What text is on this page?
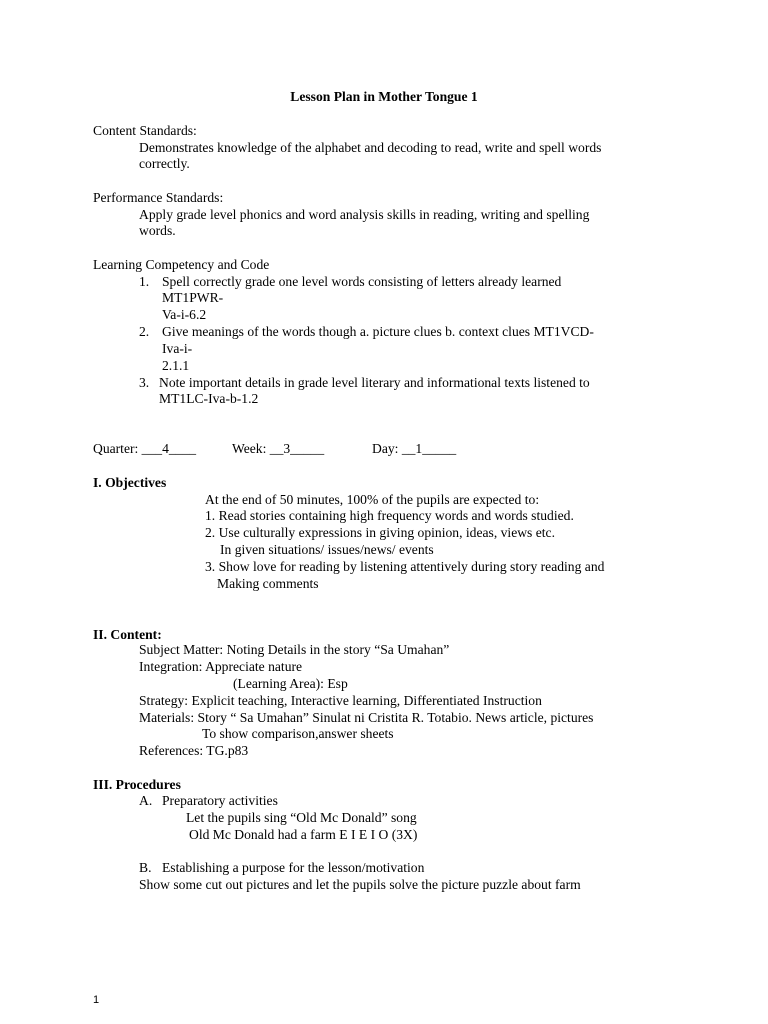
Lesson Plan in Mother Tongue 1
Content Standards:
Demonstrates knowledge of the alphabet and decoding to read, write and spell words
correctly.
Performance Standards:
Apply grade level phonics and word analysis skills in reading, writing and spelling
words.
Learning Competency and Code
1. Spell correctly grade one level words consisting of letters already learned
MT1PWR-
Va-i-6.2
2. Give meanings of the words though a. picture clues b. context clues MT1VCD-
Iva-i-
2.1.1
3. Note important details in grade level literary and informational texts listened to
MT1LC-Iva-b-1.2
Quarter: ___4____	Week: __3_____	Day: __1_____
I. Objectives
At the end of 50 minutes, 100% of the pupils are expected to:
1. Read stories containing high frequency words and words studied.
2. Use culturally expressions in giving opinion, ideas, views etc.
In given situations/ issues/news/ events
3. Show love for reading by listening attentively during story reading and
Making comments
II. Content:
Subject Matter: Noting Details in the story “Sa Umahan”
Integration: Appreciate nature
(Learning Area): Esp
Strategy: Explicit teaching, Interactive learning, Differentiated Instruction
Materials: Story “ Sa Umahan” Sinulat ni Cristita R. Totabio. News article, pictures
To show comparison,answer sheets
References: TG.p83
III. Procedures
A. Preparatory activities
Let the pupils sing “Old Mc Donald” song
Old Mc Donald had a farm E I E I O (3X)
B. Establishing a purpose for the lesson/motivation
Show some cut out pictures and let the pupils solve the picture puzzle about farm
1
